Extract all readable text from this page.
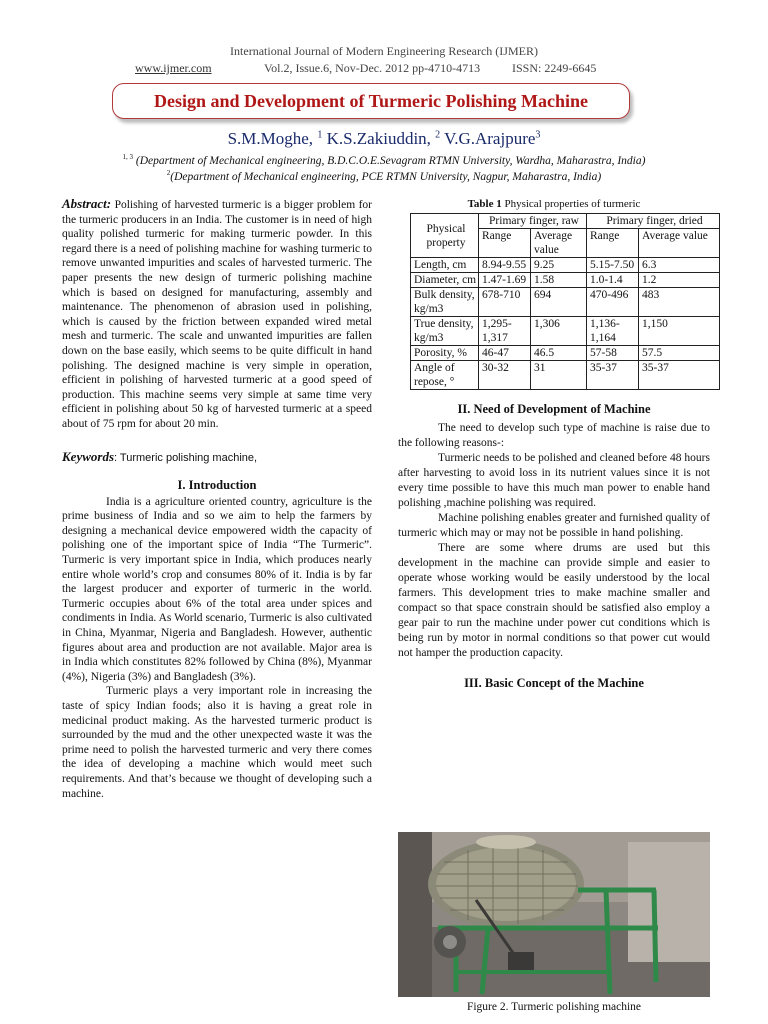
International Journal of Modern Engineering Research (IJMER)
www.ijmer.com	Vol.2, Issue.6, Nov-Dec. 2012 pp-4710-4713	ISSN: 2249-6645
Design and Development of Turmeric Polishing Machine
S.M.Moghe, $^1$ K.S.Zakiuddin, $^2$ V.G.Arajpure$^3$
$^{1, 3}$ (Department of Mechanical engineering, B.D.C.O.E.Sevagram RTMN University, Wardha, Maharastra, India)
$^2$(Department of Mechanical engineering, PCE RTMN University, Nagpur, Maharastra, India)

Abstract: Polishing of harvested turmeric is a bigger problem for the turmeric producers in an India. The customer is in need of high quality polished turmeric for making turmeric powder. In this regard there is a need of polishing machine for washing turmeric to remove unwanted impurities and scales of harvested turmeric. The paper presents the new design of turmeric polishing machine which is based on designed for manufacturing, assembly and maintenance. The phenomenon of abrasion used in polishing, which is caused by the friction between expanded wired metal mesh and turmeric. The scale and unwanted impurities are fallen down on the base easily, which seems to be quite difficult in hand polishing. The designed machine is very simple in operation, efficient in polishing of harvested turmeric at a good speed of production. This machine seems very simple at same time very efficient in polishing about 50 kg of harvested turmeric at a speed about of 75 rpm for about 20 min.

Keywords: Turmeric polishing machine,

I. Introduction

India is a agriculture oriented country, agriculture is the prime business of India and so we aim to help the farmers by designing a mechanical device empowered width the capacity of polishing one of the important spice of India “The Turmeric”. Turmeric is very important spice in India, which produces nearly entire whole world’s crop and consumes 80% of it. India is by far the largest producer and exporter of turmeric in the world. Turmeric occupies about 6% of the total area under spices and condiments in India. As World scenario, Turmeric is also cultivated in China, Myanmar, Nigeria and Bangladesh. However, authentic figures about area and production are not available. Major area is in India which constitutes 82% followed by China (8%), Myanmar (4%), Nigeria (3%) and Bangladesh (3%).

Turmeric plays a very important role in increasing the taste of spicy Indian foods; also it is having a great role in medicinal product making. As the harvested turmeric product is surrounded by the mud and the other unexpected waste it was the prime need to polish the harvested turmeric and very there comes the idea of developing a machine which would meet such requirements. And that’s because we thought of developing such a machine.

Table 1 Physical properties of turmeric
Physical property	Primary finger, raw		Primary finger, dried	
	Range	Average value	Range	Average value
Length, cm	8.94-9.55	9.25	5.15-7.50	6.3
Diameter, cm	1.47-1.69	1.58	1.0-1.4	1.2
Bulk density, kg/m3	678-710	694	470-496	483
True density, kg/m3	1,295-1,317	1,306	1,136-1,164	1,150
Porosity, %	46-47	46.5	57-58	57.5
Angle of repose, °	30-32	31	35-37	35-37
II. Need of Development of Machine

The need to develop such type of machine is raise due to the following reasons-:

Turmeric needs to be polished and cleaned before 48 hours after harvesting to avoid loss in its nutrient values since it is not every time possible to have this much man power to enable hand polishing ,machine polishing was required.

Machine polishing enables greater and furnished quality of turmeric which may or may not be possible in hand polishing.

There are some where drums are used but this development in the machine can provide simple and easier to operate whose working would be easily understood by the local farmers. This development tries to make machine smaller and compact so that space constrain should be satisfied also employ a gear pair to run the machine under power cut conditions which is being run by motor in normal conditions so that power cut would not hamper the production capacity.

III. Basic Concept of the Machine
Figure 2. Turmeric polishing machine
